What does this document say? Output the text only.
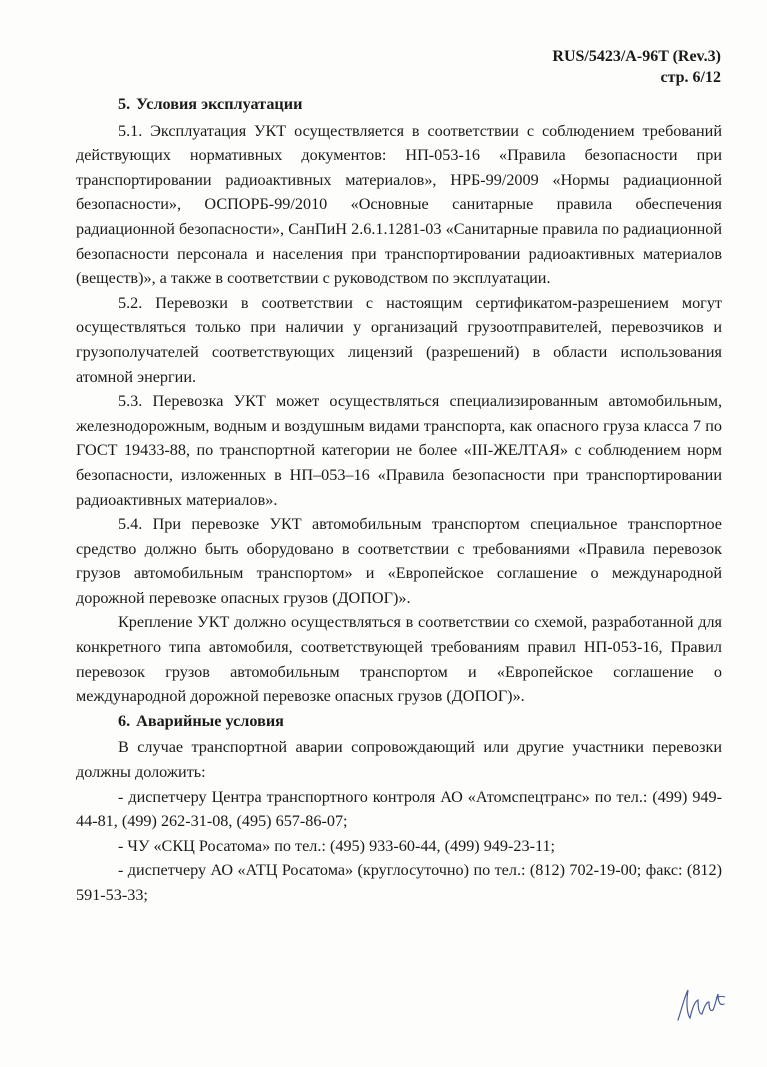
RUS/5423/A-96T (Rev.3)
стр. 6/12
5. Условия эксплуатации

5.1. Эксплуатация УКТ осуществляется в соответствии с соблюдением требований действующих нормативных документов: НП-053-16 «Правила безопасности при транспортировании радиоактивных материалов», НРБ-99/2009 «Нормы радиационной безопасности», ОСПОРБ-99/2010 «Основные санитарные правила обеспечения радиационной безопасности», СанПиН 2.6.1.1281-03 «Санитарные правила по радиационной безопасности персонала и населения при транспортировании радиоактивных материалов (веществ)», а также в соответствии с руководством по эксплуатации.

5.2. Перевозки в соответствии с настоящим сертификатом-разрешением могут осуществляться только при наличии у организаций грузоотправителей, перевозчиков и грузополучателей соответствующих лицензий (разрешений) в области использования атомной энергии.

5.3. Перевозка УКТ может осуществляться специализированным автомобильным, железнодорожным, водным и воздушным видами транспорта, как опасного груза класса 7 по ГОСТ 19433-88, по транспортной категории не более «III-ЖЕЛТАЯ» с соблюдением норм безопасности, изложенных в НП–053–16 «Правила безопасности при транспортировании радиоактивных материалов».

5.4. При перевозке УКТ автомобильным транспортом специальное транспортное средство должно быть оборудовано в соответствии с требованиями «Правила перевозок грузов автомобильным транспортом» и «Европейское соглашение о международной дорожной перевозке опасных грузов (ДОПОГ)».

Крепление УКТ должно осуществляться в соответствии со схемой, разработанной для конкретного типа автомобиля, соответствующей требованиям правил НП-053-16, Правил перевозок грузов автомобильным транспортом и «Европейское соглашение о международной дорожной перевозке опасных грузов (ДОПОГ)».

6. Аварийные условия

В случае транспортной аварии сопровождающий или другие участники перевозки должны доложить:

- диспетчеру Центра транспортного контроля АО «Атомспецтранс» по тел.: (499) 949-44-81, (499) 262-31-08, (495) 657-86-07;

- ЧУ «СКЦ Росатома» по тел.: (495) 933-60-44, (499) 949-23-11;

- диспетчеру АО «АТЦ Росатома» (круглосуточно) по тел.: (812) 702-19-00; факс: (812) 591-53-33;
